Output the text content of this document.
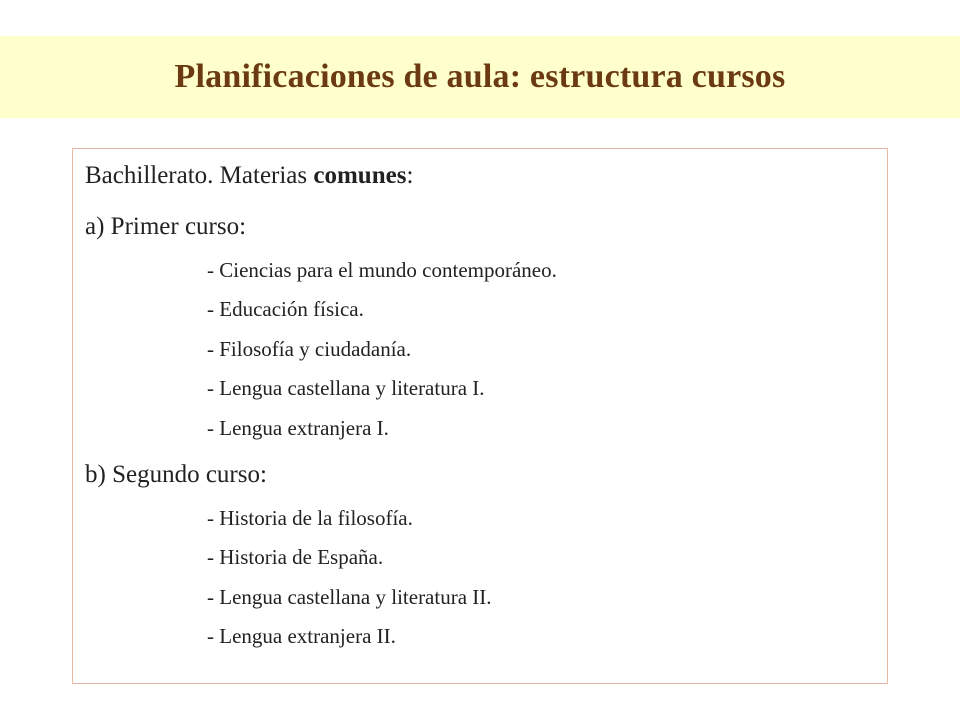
Planificaciones de aula: estructura cursos

Bachillerato. Materias comunes:

a) Primer curso:

- Ciencias para el mundo contemporáneo.

- Educación física.

- Filosofía y ciudadanía.

- Lengua castellana y literatura I.

- Lengua extranjera I.

b) Segundo curso:

- Historia de la filosofía.

- Historia de España.

- Lengua castellana y literatura II.

- Lengua extranjera II.
